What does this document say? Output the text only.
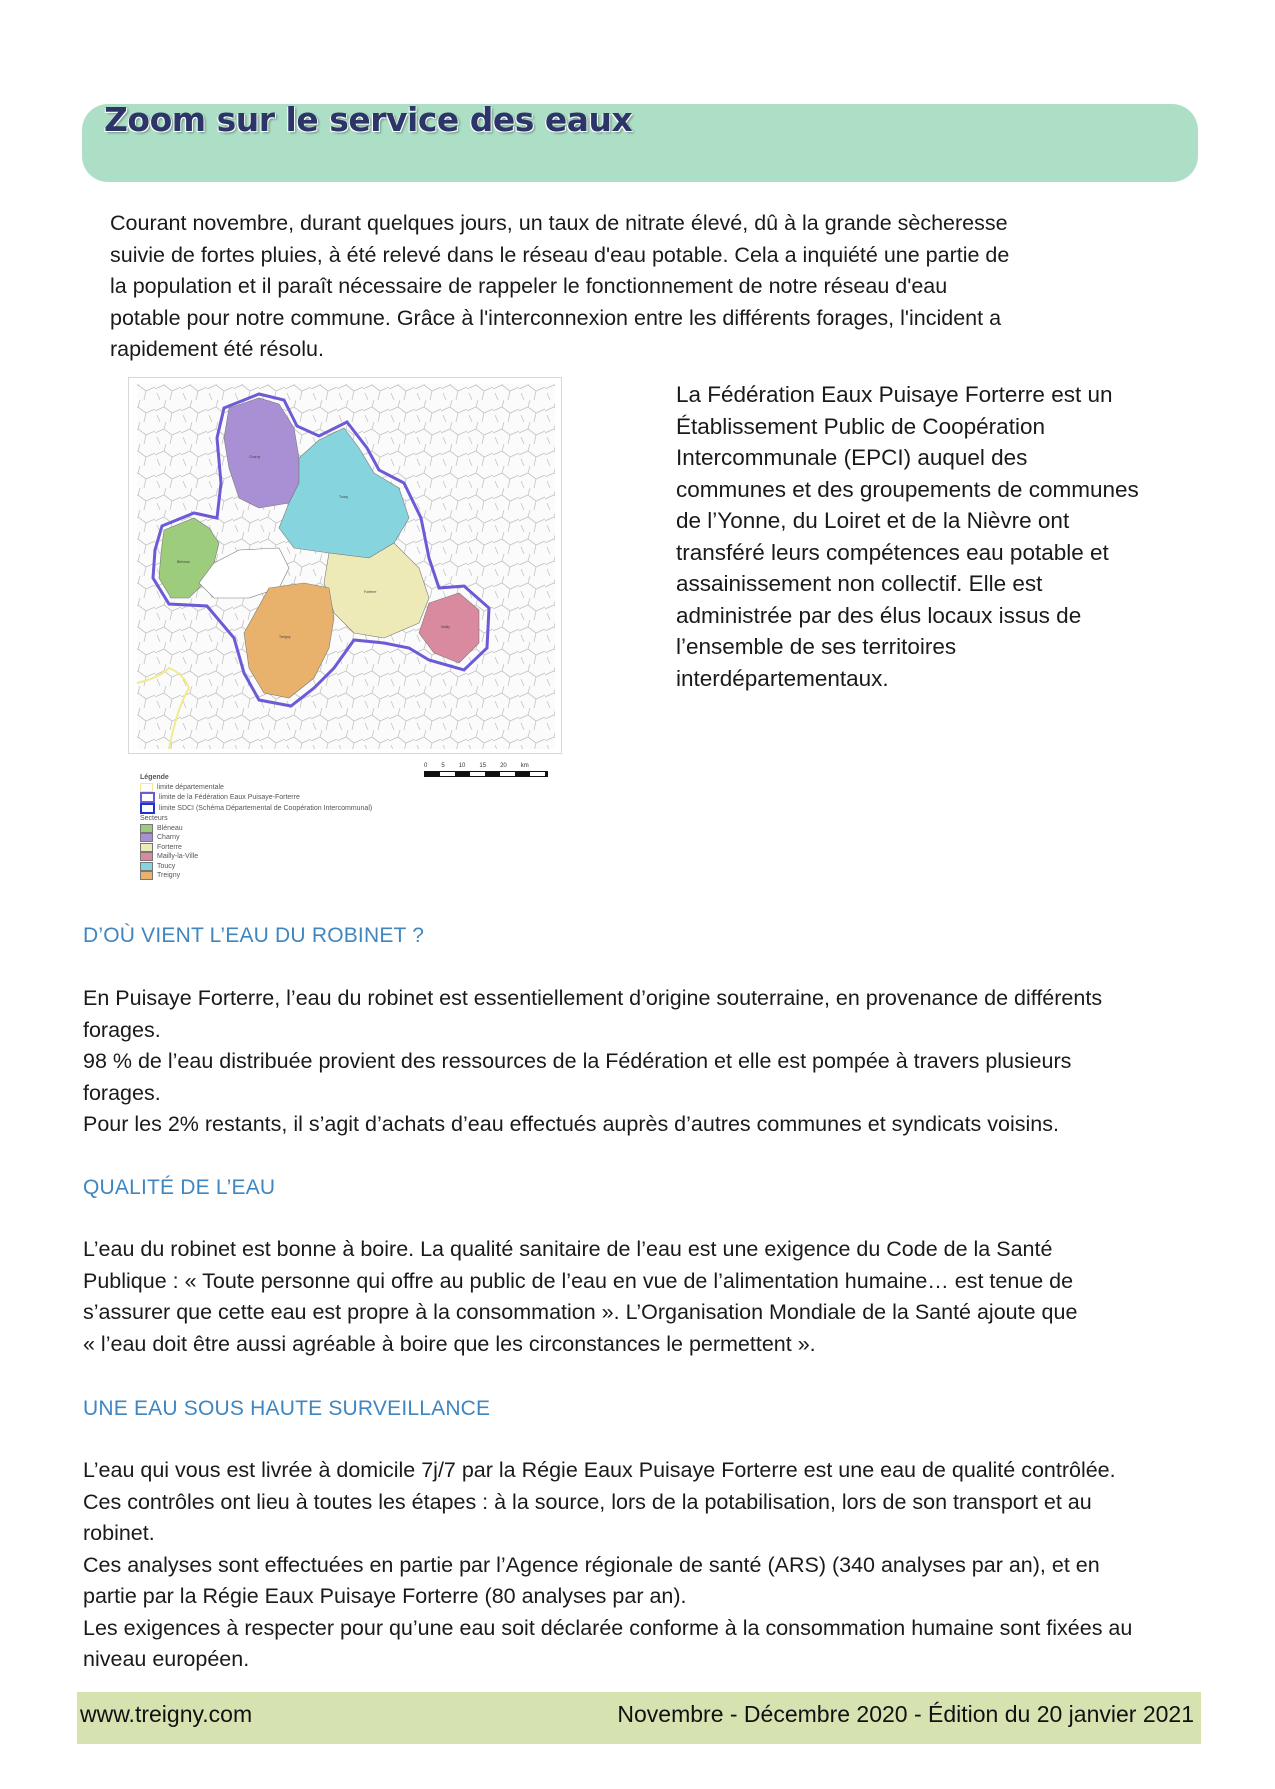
Zoom sur le service des eaux
Courant novembre, durant quelques jours, un taux de nitrate élevé, dû à la grande sècheresse
suivie de fortes pluies, à été relevé dans le réseau d'eau potable. Cela a inquiété une partie de
la population et il paraît nécessaire de rappeler le fonctionnement de notre réseau d'eau
potable pour notre commune. Grâce à l'interconnexion entre les différents forages, l'incident a
rapidement été résolu.
Charny
Toucy
Bléneau
Forterre
Treigny
Mailly
0 5 10 15 20 km
Légende
limite départementale
limite de la Fédération Eaux Puisaye-Forterre
limite SDCI (Schéma Départemental de Coopération Intercommunal)
Secteurs
Bléneau
Charny
Forterre
Mailly-la-Ville
Toucy
Treigny
La Fédération Eaux Puisaye Forterre est un
Établissement Public de Coopération
Intercommunale (EPCI) auquel des
communes et des groupements de communes
de l’Yonne, du Loiret et de la Nièvre ont
transféré leurs compétences eau potable et
assainissement non collectif. Elle est
administrée par des élus locaux issus de
l’ensemble de ses territoires
interdépartementaux.
D’OÙ VIENT L’EAU DU ROBINET ?
En Puisaye Forterre, l’eau du robinet est essentiellement d’origine souterraine, en provenance de différents
forages.
98 % de l’eau distribuée provient des ressources de la Fédération et elle est pompée à travers plusieurs
forages.
Pour les 2% restants, il s’agit d’achats d’eau effectués auprès d’autres communes et syndicats voisins.
QUALITÉ DE L’EAU
L’eau du robinet est bonne à boire. La qualité sanitaire de l’eau est une exigence du Code de la Santé
Publique : « Toute personne qui offre au public de l’eau en vue de l’alimentation humaine… est tenue de
s’assurer que cette eau est propre à la consommation ». L’Organisation Mondiale de la Santé ajoute que
« l’eau doit être aussi agréable à boire que les circonstances le permettent ».
UNE EAU SOUS HAUTE SURVEILLANCE
L’eau qui vous est livrée à domicile 7j/7 par la Régie Eaux Puisaye Forterre est une eau de qualité contrôlée.
Ces contrôles ont lieu à toutes les étapes : à la source, lors de la potabilisation, lors de son transport et au
robinet.
Ces analyses sont effectuées en partie par l’Agence régionale de santé (ARS) (340 analyses par an), et en
partie par la Régie Eaux Puisaye Forterre (80 analyses par an).
Les exigences à respecter pour qu’une eau soit déclarée conforme à la consommation humaine sont fixées au
niveau européen.
www.treigny.com	Novembre - Décembre 2020 - Édition du 20 janvier 2021
